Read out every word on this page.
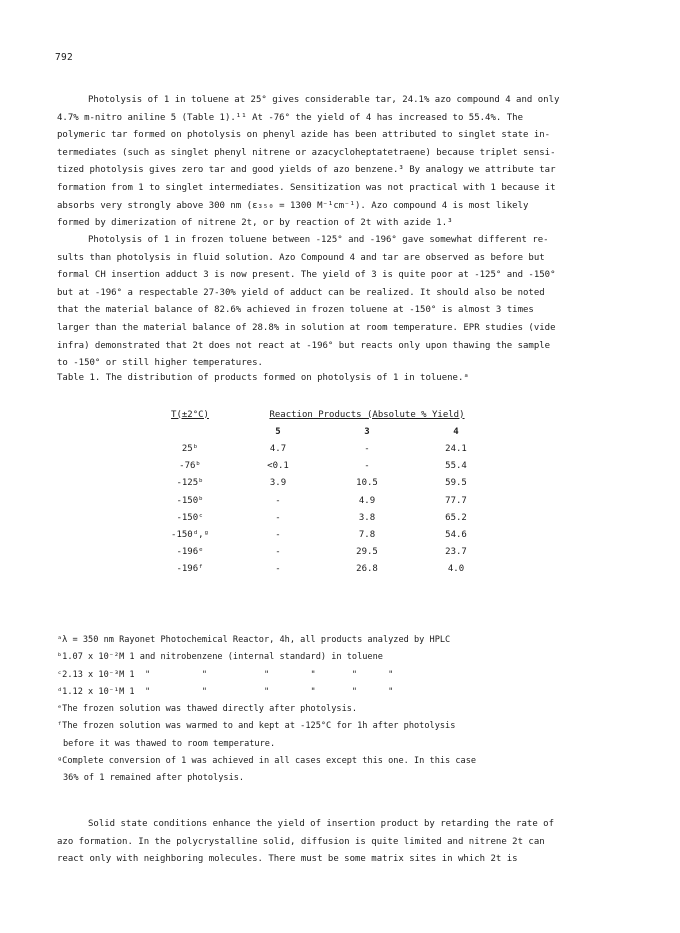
792
Photolysis of 1 in toluene at 25° gives considerable tar, 24.1% azo compound 4 and only
4.7% m-nitro aniline 5 (Table 1).¹¹ At -76° the yield of 4 has increased to 55.4%. The
polymeric tar formed on photolysis on phenyl azide has been attributed to singlet state in-
termediates (such as singlet phenyl nitrene or azacycloheptatetraene) because triplet sensi-
tized photolysis gives zero tar and good yields of azo benzene.³ By analogy we attribute tar
formation from 1 to singlet intermediates. Sensitization was not practical with 1 because it
absorbs very strongly above 300 nm (ε₃₅₀ = 1300 M⁻¹cm⁻¹). Azo compound 4 is most likely
formed by dimerization of nitrene 2t, or by reaction of 2t with azide 1.³
Photolysis of 1 in frozen toluene between -125° and -196° gave somewhat different re-
sults than photolysis in fluid solution. Azo Compound 4 and tar are observed as before but
formal CH insertion adduct 3 is now present. The yield of 3 is quite poor at -125° and -150°
but at -196° a respectable 27-30% yield of adduct can be realized. It should also be noted
that the material balance of 82.6% achieved in frozen toluene at -150° is almost 3 times
larger than the material balance of 28.8% in solution at room temperature. EPR studies (vide
infra) demonstrated that 2t does not react at -196° but reacts only upon thawing the sample
to -150° or still higher temperatures.
Table 1. The distribution of products formed on photolysis of 1 in toluene.ᵃ
T(±2°C)	Reaction Products (Absolute % Yield)		
	5	3	4
25ᵇ	4.7	-	24.1
-76ᵇ	<0.1	-	55.4
-125ᵇ	3.9	10.5	59.5
-150ᵇ	-	4.9	77.7
-150ᶜ	-	3.8	65.2
-150ᵈ,ᵍ	-	7.8	54.6
-196ᵉ	-	29.5	23.7
-196ᶠ	-	26.8	4.0
ᵃλ = 350 nm Rayonet Photochemical Reactor, 4h, all products analyzed by HPLC
ᵇ1.07 x 10⁻²M 1 and nitrobenzene (internal standard) in toluene
ᶜ2.13 x 10⁻³M 1  "          "           "        "       "      "
ᵈ1.12 x 10⁻¹M 1  "          "           "        "       "      "
ᵉThe frozen solution was thawed directly after photolysis.
ᶠThe frozen solution was warmed to and kept at -125°C for 1h after photolysis
before it was thawed to room temperature.
ᵍComplete conversion of 1 was achieved in all cases except this one. In this case
36% of 1 remained after photolysis.
Solid state conditions enhance the yield of insertion product by retarding the rate of
azo formation. In the polycrystalline solid, diffusion is quite limited and nitrene 2t can
react only with neighboring molecules. There must be some matrix sites in which 2t is
